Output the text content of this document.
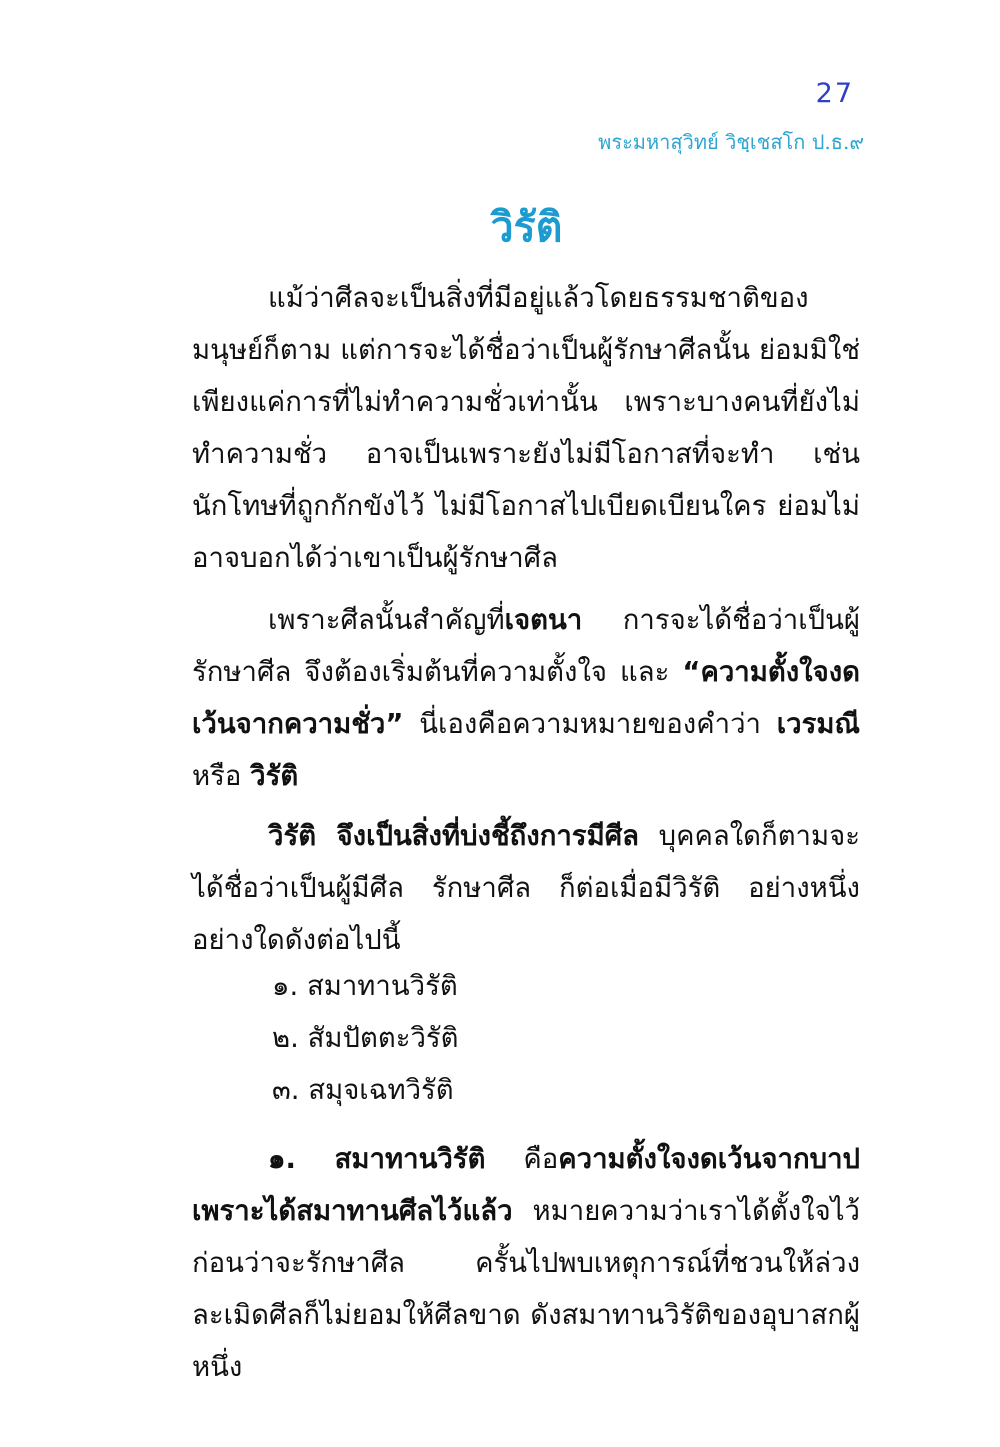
27
พระมหาสุวิทย์ วิชฺเชสโก ป.ธ.๙
วิรัติ
แม้ว่าศีลจะเป็นสิ่งที่มีอยู่แล้วโดยธรรมชาติของมนุษย์ก็ตาม แต่การจะได้ชื่อว่าเป็นผู้รักษาศีลนั้น ย่อมมิใช่เพียงแค่การที่ไม่ทำความชั่วเท่านั้น เพราะบางคนที่ยังไม่ทำความชั่ว อาจเป็นเพราะยังไม่มีโอกาสที่จะทำ เช่น นักโทษที่ถูกกักขังไว้ ไม่มีโอกาสไปเบียดเบียนใคร ย่อมไม่อาจบอกได้ว่าเขาเป็นผู้รักษาศีล
เพราะศีลนั้นสำคัญที่เจตนา การจะได้ชื่อว่าเป็นผู้รักษาศีล จึงต้องเริ่มต้นที่ความตั้งใจ และ “ความตั้งใจงดเว้นจากความชั่ว” นี่เองคือความหมายของคำว่า เวรมณี หรือ วิรัติ
วิรัติ จึงเป็นสิ่งที่บ่งชี้ถึงการมีศีล บุคคลใดก็ตามจะได้ชื่อว่าเป็นผู้มีศีล รักษาศีล ก็ต่อเมื่อมีวิรัติ อย่างหนึ่งอย่างใดดังต่อไปนี้
๑. สมาทานวิรัติ
๒. สัมปัตตะวิรัติ
๓. สมุจเฉทวิรัติ
๑. สมาทานวิรัติ คือความตั้งใจงดเว้นจากบาปเพราะได้สมาทานศีลไว้แล้ว หมายความว่าเราได้ตั้งใจไว้ก่อนว่าจะรักษาศีล ครั้นไปพบเหตุการณ์ที่ชวนให้ล่วงละเมิดศีลก็ไม่ยอมให้ศีลขาด ดังสมาทานวิรัติของอุบาสกผู้หนึ่ง
